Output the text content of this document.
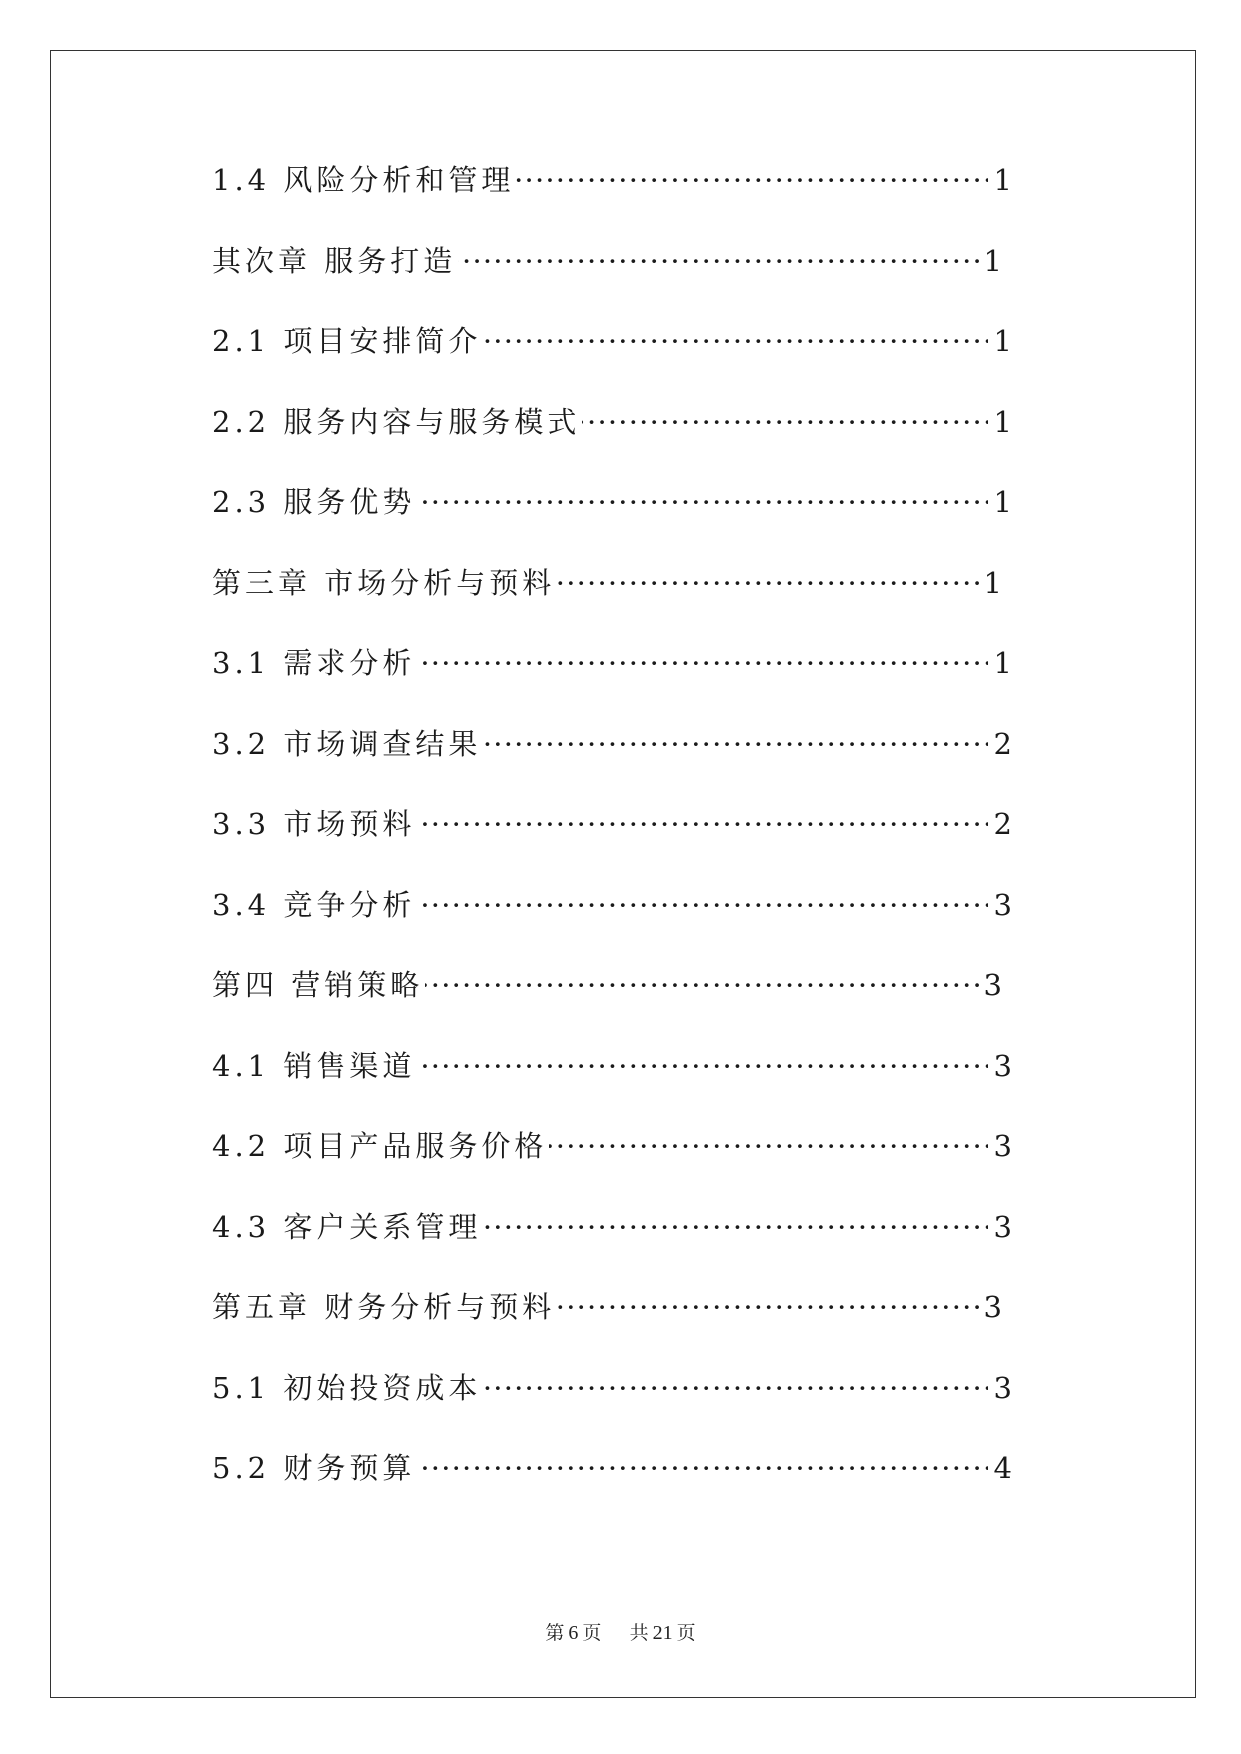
·····
1.4 风险分析和管理	1
·····
其次章 服务打造	1
·····
2.1 项目安排简介	1
·····
2.2 服务内容与服务模式	1
·····
2.3 服务优势	1
·····
第三章 市场分析与预料	1
·····
3.1 需求分析	1
·····
3.2 市场调查结果	2
·····
3.3 市场预料	2
·····
3.4 竞争分析	3
·····
第四 营销策略	3
·····
4.1 销售渠道	3
·····
4.2 项目产品服务价格	3
·····
4.3 客户关系管理	3
·····
第五章 财务分析与预料	3
·····
5.1 初始投资成本	3
·····
5.2 财务预算	4
第 6 页 共 21 页
